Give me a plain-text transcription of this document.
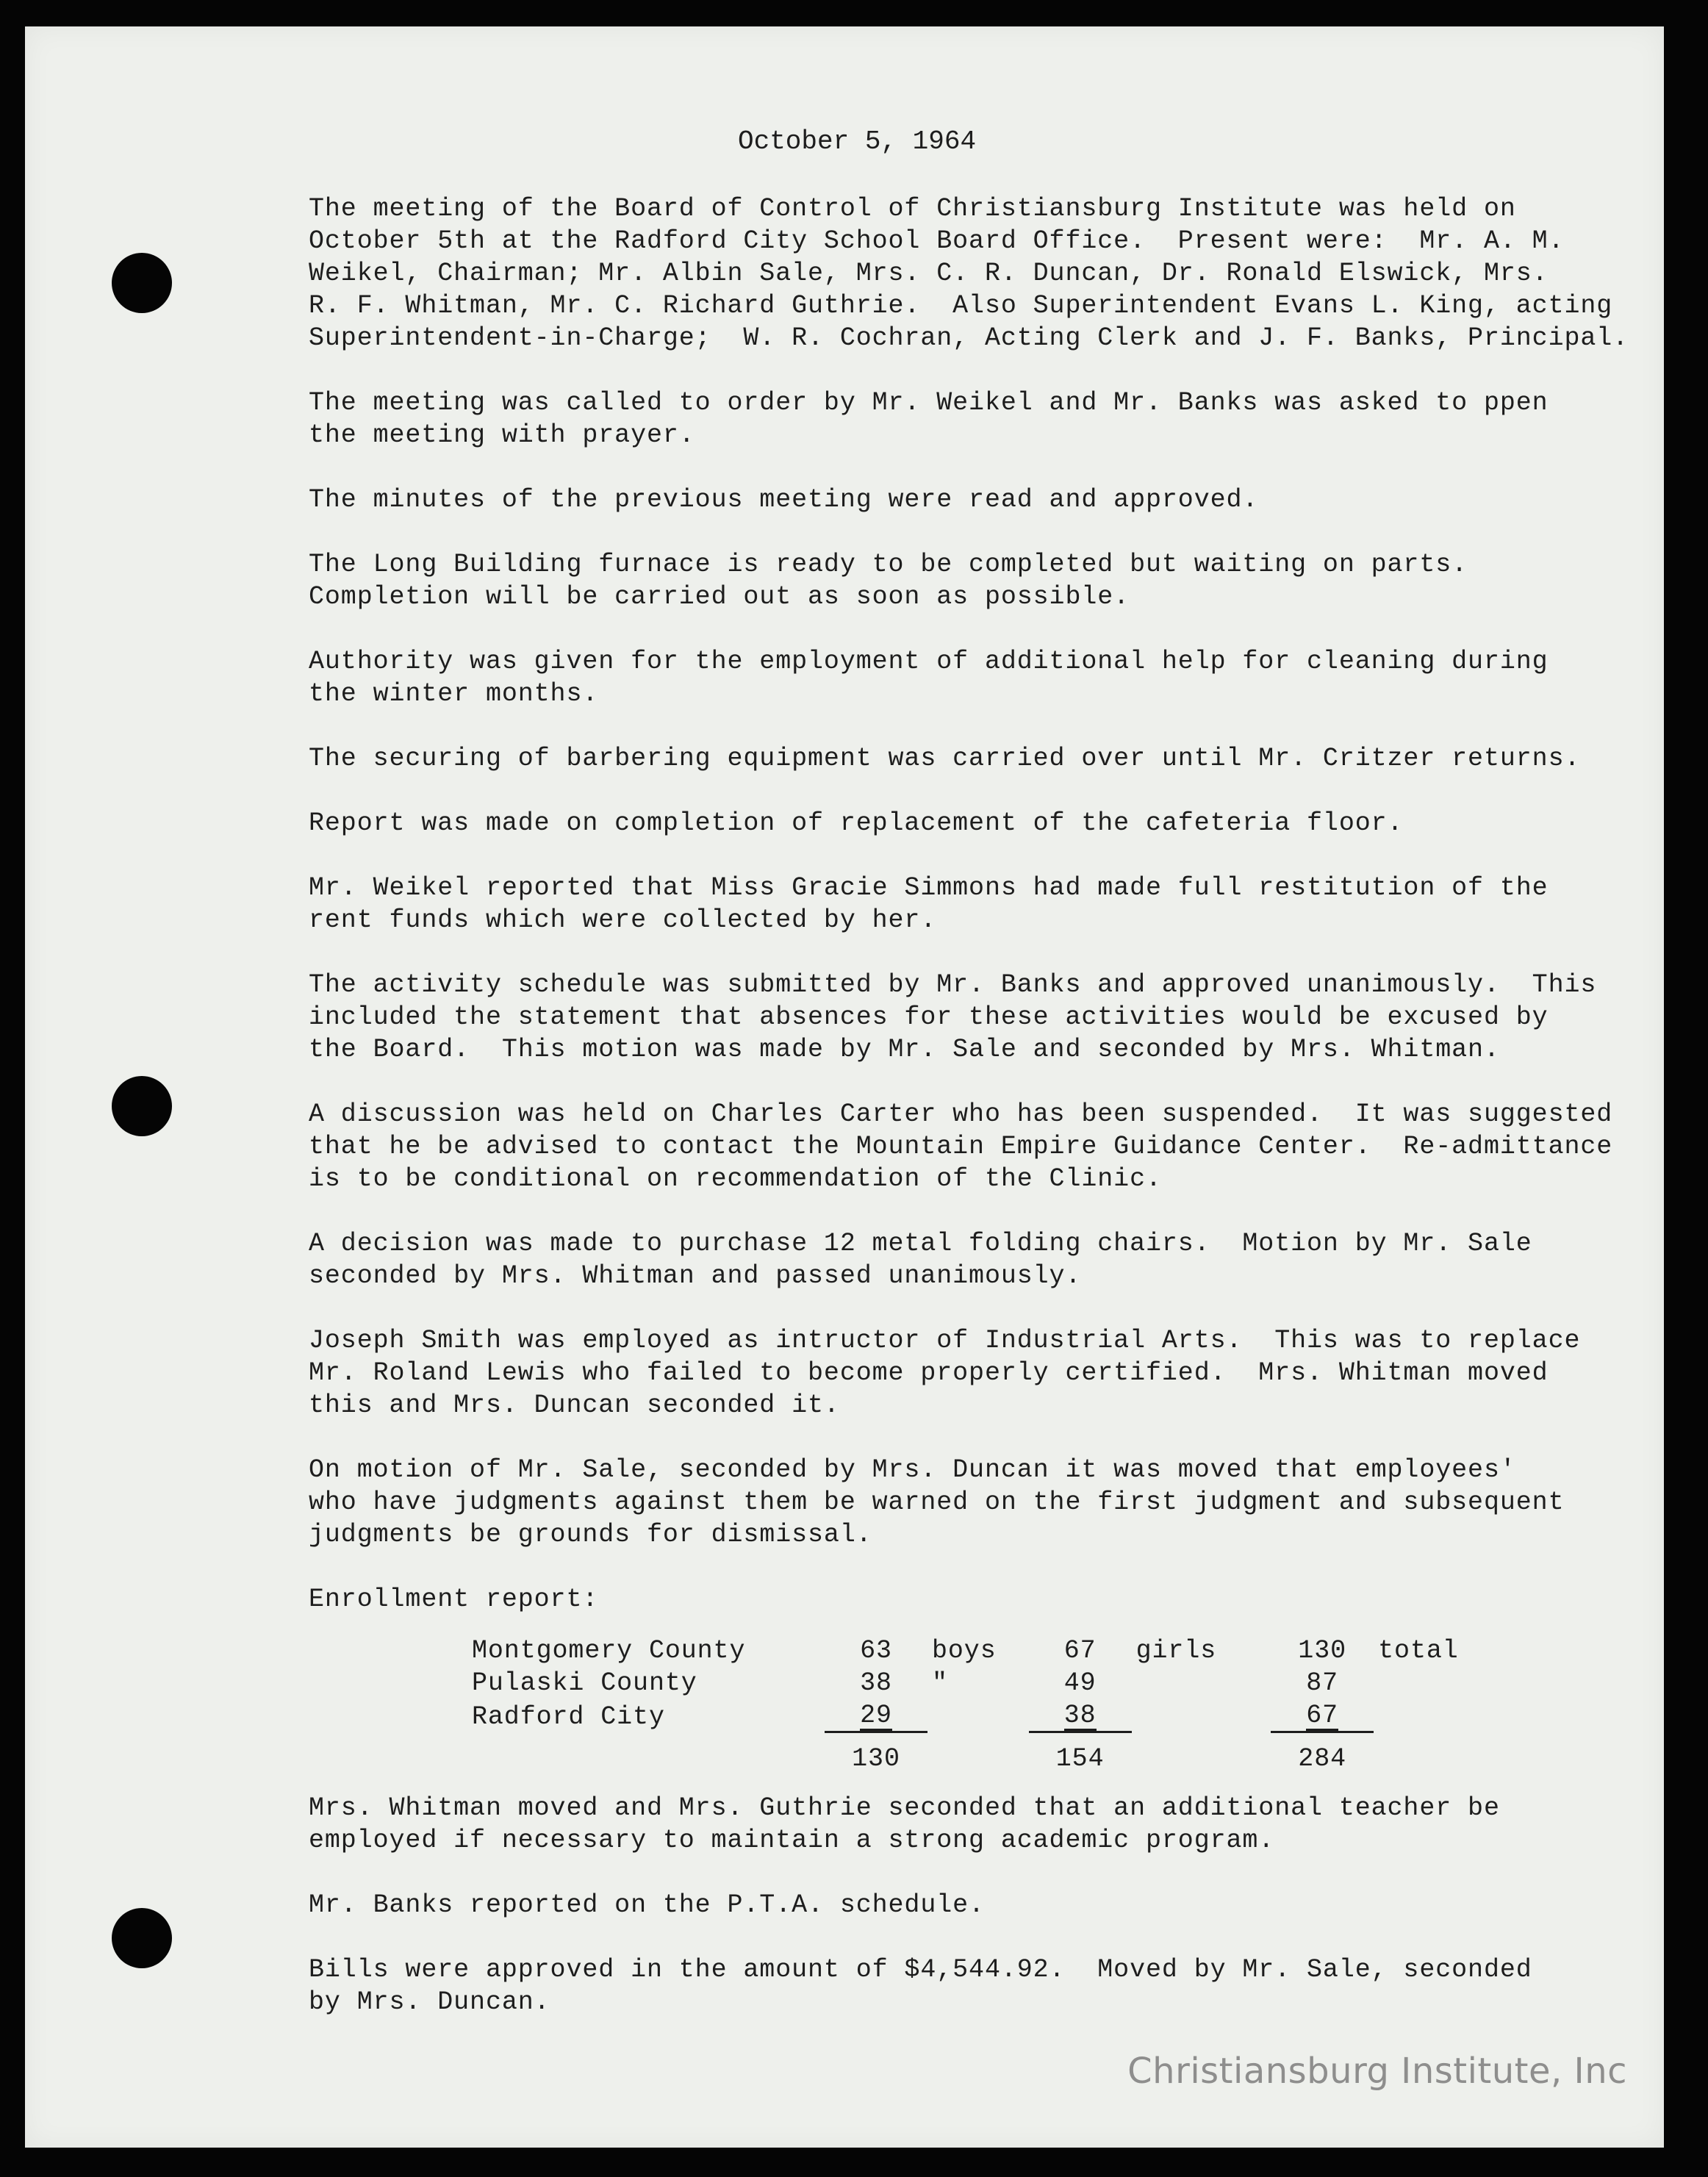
October 5, 1964
The meeting of the Board of Control of Christiansburg Institute was held on
October 5th at the Radford City School Board Office.  Present were:  Mr. A. M.
Weikel, Chairman; Mr. Albin Sale, Mrs. C. R. Duncan, Dr. Ronald Elswick, Mrs.
R. F. Whitman, Mr. C. Richard Guthrie.  Also Superintendent Evans L. King, acting
Superintendent-in-Charge;  W. R. Cochran, Acting Clerk and J. F. Banks, Principal.
The meeting was called to order by Mr. Weikel and Mr. Banks was asked to ppen
the meeting with prayer.
The minutes of the previous meeting were read and approved.
The Long Building furnace is ready to be completed but waiting on parts.
Completion will be carried out as soon as possible.
Authority was given for the employment of additional help for cleaning during
the winter months.
The securing of barbering equipment was carried over until Mr. Critzer returns.
Report was made on completion of replacement of the cafeteria floor.
Mr. Weikel reported that Miss Gracie Simmons had made full restitution of the
rent funds which were collected by her.
The activity schedule was submitted by Mr. Banks and approved unanimously.  This
included the statement that absences for these activities would be excused by
the Board.  This motion was made by Mr. Sale and seconded by Mrs. Whitman.
A discussion was held on Charles Carter who has been suspended.  It was suggested
that he be advised to contact the Mountain Empire Guidance Center.  Re-admittance
is to be conditional on recommendation of the Clinic.
A decision was made to purchase 12 metal folding chairs.  Motion by Mr. Sale
seconded by Mrs. Whitman and passed unanimously.
Joseph Smith was employed as intructor of Industrial Arts.  This was to replace
Mr. Roland Lewis who failed to become properly certified.  Mrs. Whitman moved
this and Mrs. Duncan seconded it.
On motion of Mr. Sale, seconded by Mrs. Duncan it was moved that employees'
who have judgments against them be warned on the first judgment and subsequent
judgments be grounds for dismissal.
Enrollment report:
Montgomery County	63 boys	67 girls	130 total
Pulaski County	38 "	49	87
Radford City	29	38	67
	130	154	284
Mrs. Whitman moved and Mrs. Guthrie seconded that an additional teacher be
employed if necessary to maintain a strong academic program.
Mr. Banks reported on the P.T.A. schedule.
Bills were approved in the amount of $4,544.92.  Moved by Mr. Sale, seconded
by Mrs. Duncan.
Christiansburg Institute, Inc
